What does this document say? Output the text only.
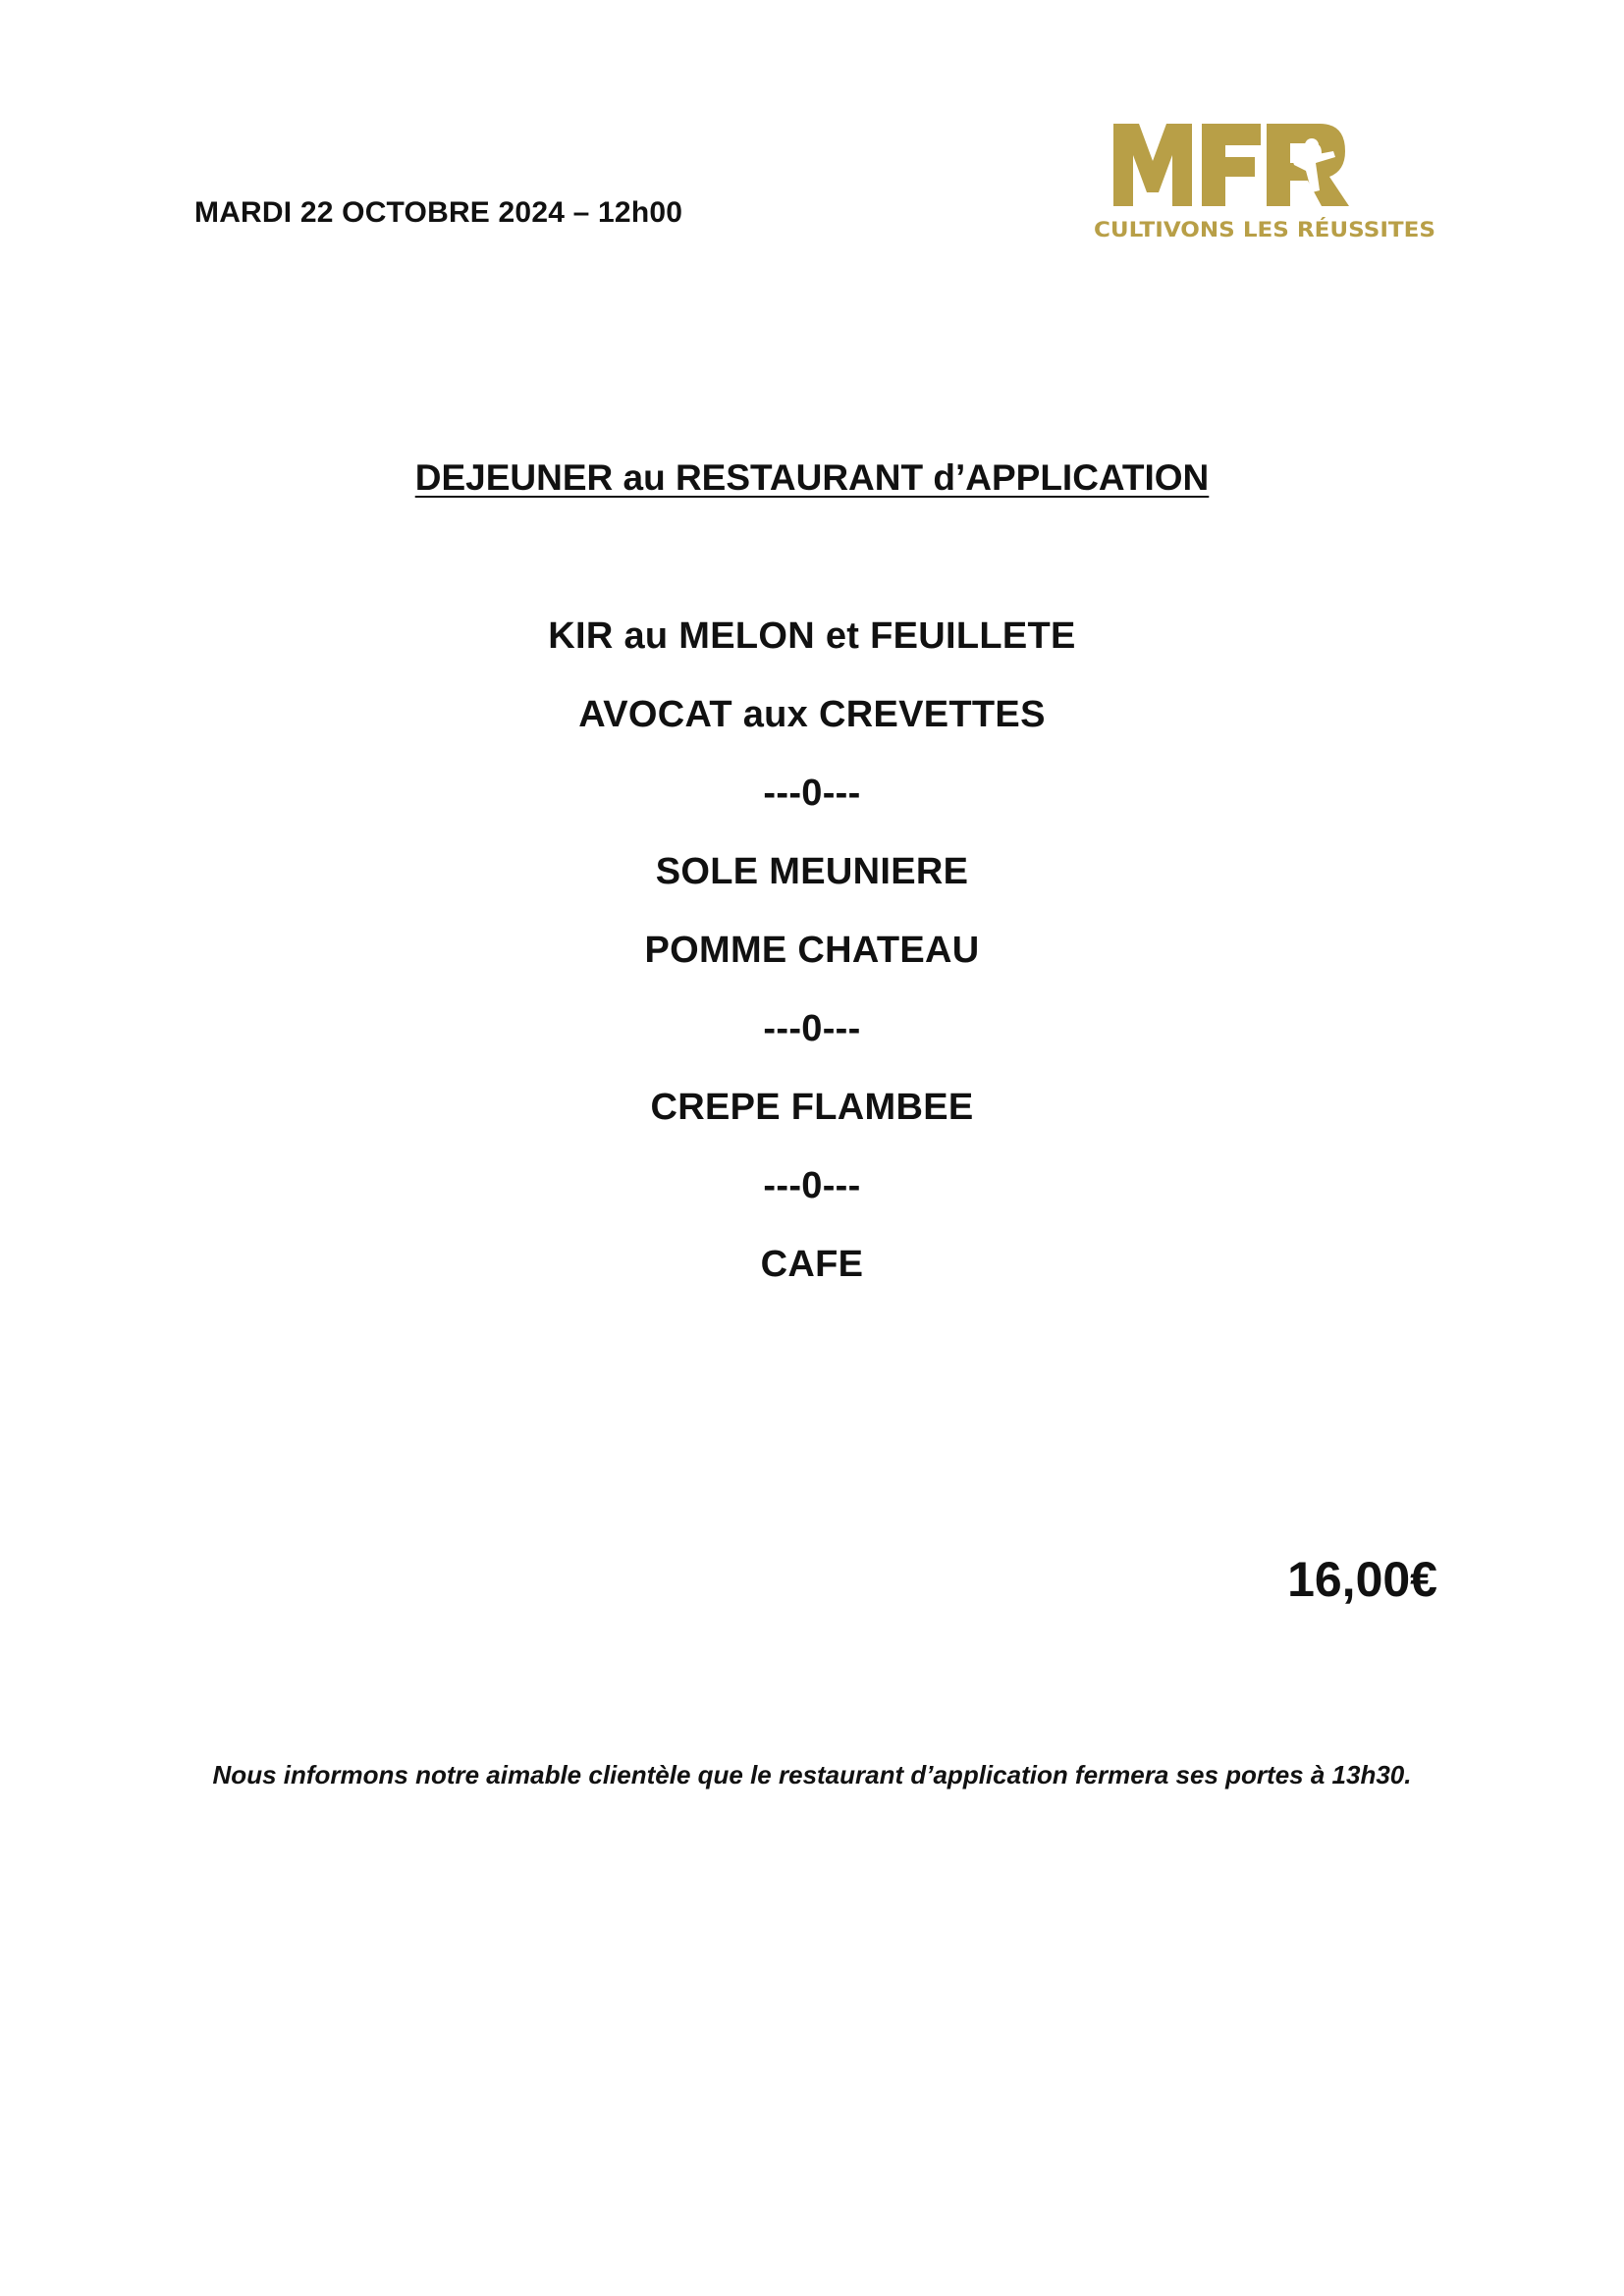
MARDI 22 OCTOBRE 2024 – 12h00
CULTIVONS LES RÉUSSITES
DEJEUNER au RESTAURANT d’APPLICATION
KIR au MELON et FEUILLETE
AVOCAT aux CREVETTES
---0---
SOLE MEUNIERE
POMME CHATEAU
---0---
CREPE FLAMBEE
---0---
CAFE
16,00€
Nous informons notre aimable clientèle que le restaurant d’application fermera ses portes à 13h30.
